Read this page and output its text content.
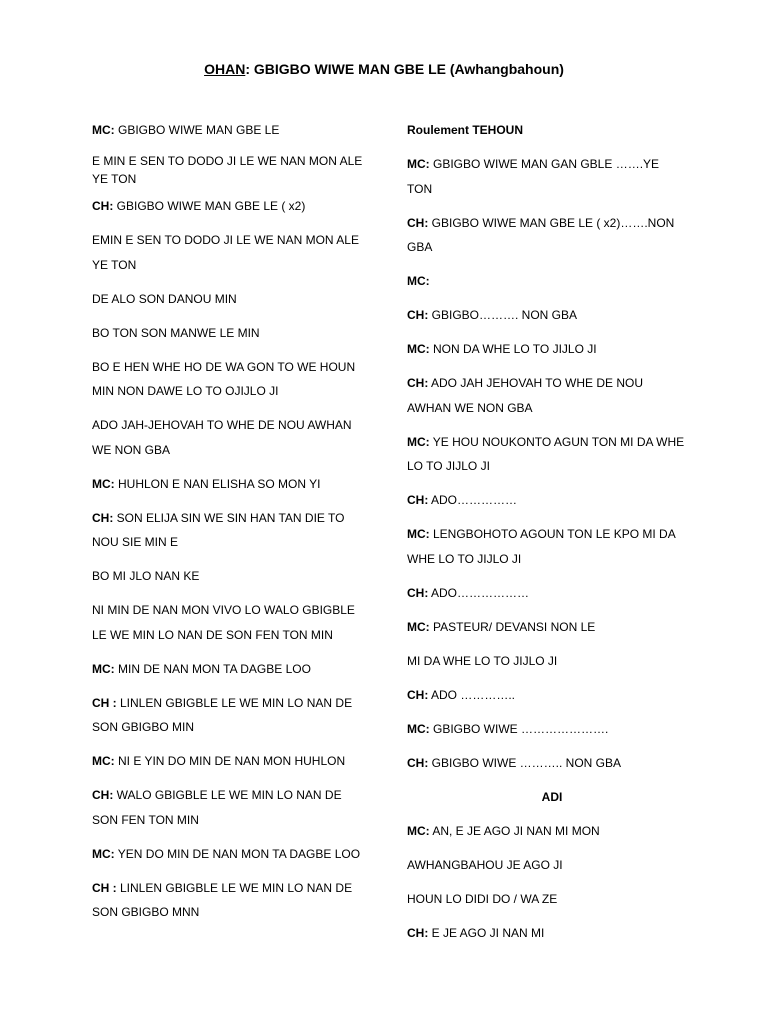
OHAN: GBIGBO WIWE MAN GBE LE (Awhangbahoun)
MC: GBIGBO WIWE MAN GBE LE
E MIN E SEN TO DODO JI LE WE NAN MON ALE YE TON
CH: GBIGBO WIWE MAN GBE LE ( x2)
EMIN E SEN TO DODO JI LE WE NAN MON ALE YE TON
DE ALO SON DANOU MIN
BO TON SON MANWE LE MIN
BO E HEN WHE HO DE WA GON TO WE HOUN MIN NON DAWE LO TO OJIJLO JI
ADO JAH-JEHOVAH TO WHE DE NOU AWHAN WE NON GBA
MC: HUHLON E NAN ELISHA SO MON YI
CH: SON ELIJA SIN WE SIN HAN TAN DIE TO NOU SIE MIN E
BO MI JLO NAN KE
NI MIN DE NAN MON VIVO LO WALO GBIGBLE LE WE MIN LO NAN DE SON FEN TON MIN
MC: MIN DE NAN MON TA DAGBE LOO
CH : LINLEN GBIGBLE LE WE MIN LO NAN DE SON GBIGBO MIN
MC: NI E YIN DO MIN DE NAN MON HUHLON
CH: WALO GBIGBLE LE WE MIN LO NAN DE SON FEN TON MIN
MC: YEN DO MIN DE NAN MON TA DAGBE LOO
CH : LINLEN GBIGBLE LE WE MIN LO NAN DE SON GBIGBO MNN
Roulement TEHOUN
MC: GBIGBO WIWE MAN GAN GBLE …….YE TON
CH: GBIGBO WIWE MAN GBE LE ( x2)…….NON GBA
MC:
CH: GBIGBO………. NON GBA
MC: NON DA WHE LO TO JIJLO JI
CH: ADO JAH JEHOVAH TO WHE DE NOU AWHAN WE NON GBA
MC: YE HOU NOUKONTO AGUN TON MI DA WHE LO TO JIJLO JI
CH: ADO……………
MC: LENGBOHOTO AGOUN TON LE KPO MI DA WHE LO TO JIJLO JI
CH: ADO………………
MC: PASTEUR/ DEVANSI NON LE
MI DA WHE LO TO JIJLO JI
CH: ADO …………..
MC: GBIGBO WIWE ………………….
CH: GBIGBO WIWE ……….. NON GBA
ADI
MC: AN, E JE AGO JI NAN MI MON
AWHANGBAHOU JE AGO JI
HOUN LO DIDI DO / WA ZE
CH: E JE AGO JI NAN MI
